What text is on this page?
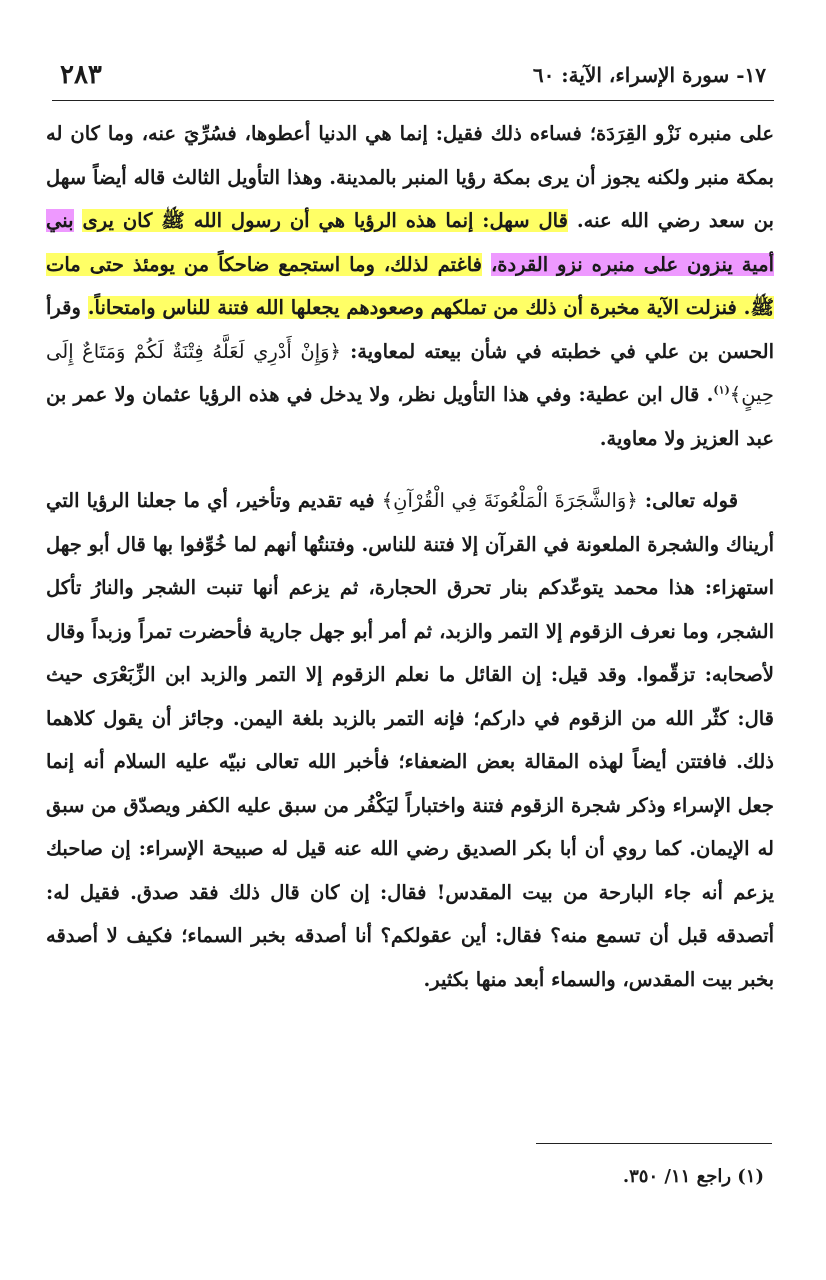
٢٨٣	١٧- سورة الإسراء، الآية: ٦٠

على منبره نَزْو القِرَدَة؛ فساءه ذلك فقيل: إنما هي الدنيا أعطوها، فسُرِّيَ عنه، وما كان له بمكة منبر ولكنه يجوز أن يرى بمكة رؤيا المنبر بالمدينة. وهذا التأويل الثالث قاله أيضاً سهل بن سعد رضي الله عنه. قال سهل: إنما هذه الرؤيا هي أن رسول الله ﷺ كان يرى بني أمية ينزون على منبره نزو القردة، فاغتم لذلك، وما استجمع ضاحكاً من يومئذ حتى مات ﷺ. فنزلت الآية مخبرة أن ذلك من تملكهم وصعودهم يجعلها الله فتنة للناس وامتحاناً. وقرأ الحسن بن علي في خطبته في شأن بيعته لمعاوية: ﴿وَإِنْ أَدْرِي لَعَلَّهُ فِتْنَةٌ لَكُمْ وَمَتَاعٌ إِلَى حِينٍ﴾$^{(١)}$. قال ابن عطية: وفي هذا التأويل نظر، ولا يدخل في هذه الرؤيا عثمان ولا عمر بن عبد العزيز ولا معاوية.

قوله تعالى: ﴿وَالشَّجَرَةَ الْمَلْعُونَةَ فِي الْقُرْآنِ﴾ فيه تقديم وتأخير، أي ما جعلنا الرؤيا التي أريناك والشجرة الملعونة في القرآن إلا فتنة للناس. وفتنتُها أنهم لما خُوِّفوا بها قال أبو جهل استهزاء: هذا محمد يتوعّدكم بنار تحرق الحجارة، ثم يزعم أنها تنبت الشجر والنارُ تأكل الشجر، وما نعرف الزقوم إلا التمر والزبد، ثم أمر أبو جهل جارية فأحضرت تمراً وزبداً وقال لأصحابه: تزقّموا. وقد قيل: إن القائل ما نعلم الزقوم إلا التمر والزبد ابن الزِّبَعْرَى حيث قال: كثّر الله من الزقوم في داركم؛ فإنه التمر بالزبد بلغة اليمن. وجائز أن يقول كلاهما ذلك. فافتتن أيضاً لهذه المقالة بعض الضعفاء؛ فأخبر الله تعالى نبيّه عليه السلام أنه إنما جعل الإسراء وذكر شجرة الزقوم فتنة واختباراً ليَكْفُر من سبق عليه الكفر ويصدّق من سبق له الإيمان. كما روي أن أبا بكر الصديق رضي الله عنه قيل له صبيحة الإسراء: إن صاحبك يزعم أنه جاء البارحة من بيت المقدس! فقال: إن كان قال ذلك فقد صدق. فقيل له: أتصدقه قبل أن تسمع منه؟ فقال: أين عقولكم؟ أنا أصدقه بخبر السماء؛ فكيف لا أصدقه بخبر بيت المقدس، والسماء أبعد منها بكثير.

(١) راجع ١١/ ٣٥٠.
